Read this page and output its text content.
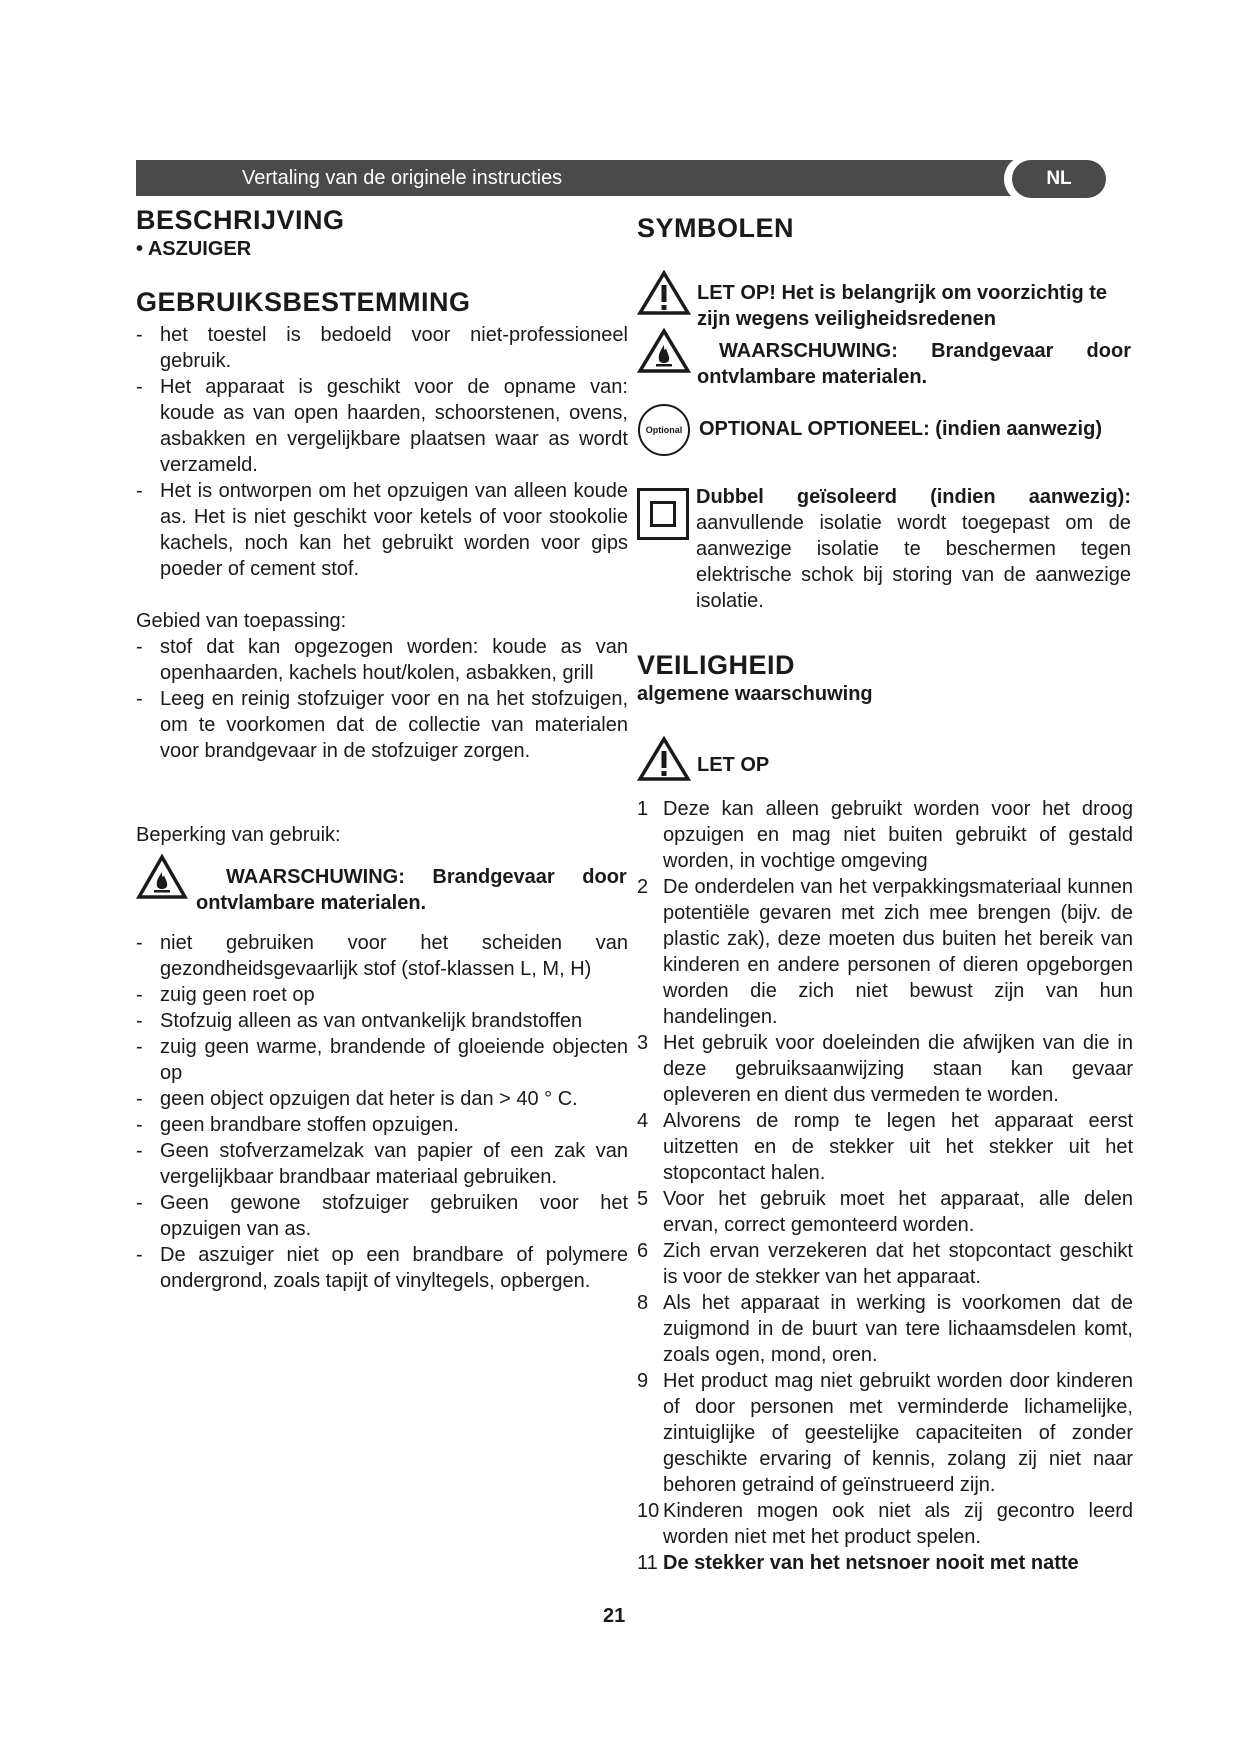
Vertaling van de originele instructies	NL
BESCHRIJVING
• ASZUIGER
GEBRUIKSBESTEMMING
- het toestel is bedoeld voor niet-professioneel gebruik.
- Het apparaat is geschikt voor de opname van: koude as van open haarden, schoorstenen, ovens, asbakken en vergelijkbare plaatsen waar as wordt verzameld.
- Het is ontworpen om het opzuigen van alleen koude as. Het is niet geschikt voor ketels of voor stookolie kachels, noch kan het gebruikt worden voor gips poeder of cement stof.

Gebied van toepassing:

- stof dat kan opgezogen worden: koude as van openhaarden, kachels hout/kolen, asbakken, grill
- Leeg en reinig stofzuiger voor en na het stofzuigen, om te voorkomen dat de collectie van materialen voor brandgevaar in de stofzuiger zorgen.

Beperking van gebruik:

WAARSCHUWING: Brandgevaar door
ontvlambare materialen.
- niet gebruiken voor het scheiden van gezondheidsgevaarlijk stof (stof-klassen L, M, H)
- zuig geen roet op
- Stofzuig alleen as van ontvankelijk brandstoffen
- zuig geen warme, brandende of gloeiende objecten op
- geen object opzuigen dat heter is dan > 40 ° C.
- geen brandbare stoffen opzuigen.
- Geen stofverzamelzak van papier of een zak van vergelijkbaar brandbaar materiaal gebruiken.
- Geen gewone stofzuiger gebruiken voor het opzuigen van as.
- De aszuiger niet op een brandbare of polymere ondergrond, zoals tapijt of vinyltegels, opbergen.
SYMBOLEN
LET OP! Het is belangrijk om voorzichtig te zijn wegens veiligheidsredenen
WAARSCHUWING: Brandgevaar door
ontvlambare materialen.
Optional OPTIONAL OPTIONEEL: (indien aanwezig)
Dubbel geïsoleerd (indien aanwezig): aanvullende isolatie wordt toegepast om de aanwezige isolatie te beschermen tegen elektrische schok bij storing van de aanwezige isolatie.
VEILIGHEID
algemene waarschuwing
LET OP
1 Deze kan alleen gebruikt worden voor het droog opzuigen en mag niet buiten gebruikt of gestald worden, in vochtige omgeving
2 De onderdelen van het verpakkingsmateriaal kunnen potentiële gevaren met zich mee brengen (bijv. de plastic zak), deze moeten dus buiten het bereik van kinderen en andere personen of dieren opgeborgen worden die zich niet bewust zijn van hun handelingen.
3 Het gebruik voor doeleinden die afwijken van die in deze gebruiksaanwijzing staan kan gevaar opleveren en dient dus vermeden te worden.
4 Alvorens de romp te legen het apparaat eerst uitzetten en de stekker uit het stekker uit het stopcontact halen.
5 Voor het gebruik moet het apparaat, alle delen ervan, correct gemonteerd worden.
6 Zich ervan verzekeren dat het stopcontact geschikt is voor de stekker van het apparaat.
8 Als het apparaat in werking is voorkomen dat de zuigmond in de buurt van tere lichaamsdelen komt, zoals ogen, mond, oren.
9 Het product mag niet gebruikt worden door kinderen of door personen met verminderde lichamelijke, zintuiglijke of geestelijke capaciteiten of zonder geschikte ervaring of kennis, zolang zij niet naar behoren getraind of geïnstrueerd zijn.
10 Kinderen mogen ook niet als zij gecontro leerd worden niet met het product spelen.
11 De stekker van het netsnoer nooit met natte
21
